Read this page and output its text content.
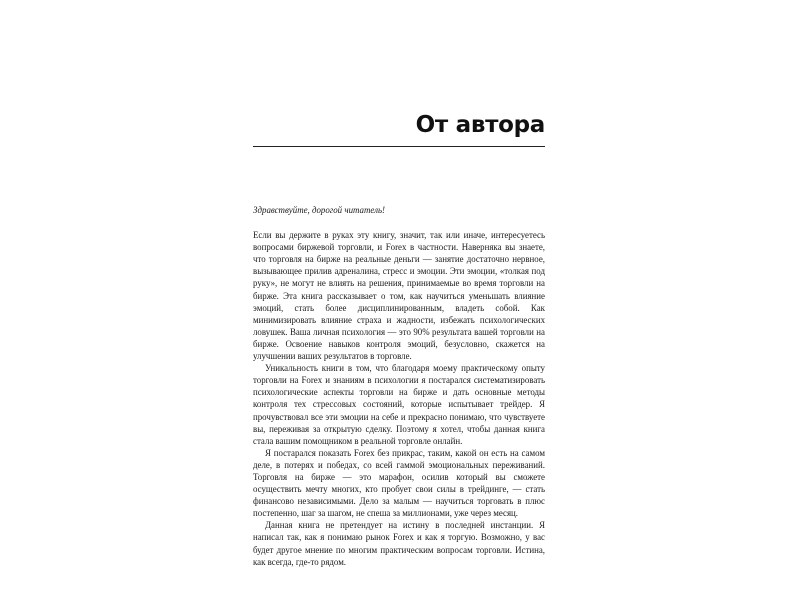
От автора

Здравствуйте, дорогой читатель!

Если вы держите в руках эту книгу, значит, так или иначе, интересуетесь вопросами биржевой торговли, и Forex в частности. Наверняка вы знаете, что торговля на бирже на реальные деньги — занятие достаточно нервное, вызывающее прилив адреналина, стресс и эмоции. Эти эмоции, «толкая под руку», не могут не влиять на решения, принимаемые во время торговли на бирже. Эта книга рассказывает о том, как научиться уменьшать влияние эмоций, стать более дисциплинированным, владеть собой. Как минимизировать влияние страха и жадности, избежать психологических ловушек. Ваша личная психология — это 90% результата вашей торговли на бирже. Освоение навыков контроля эмоций, безусловно, скажется на улучшении ваших результатов в торговле.

Уникальность книги в том, что благодаря моему практическому опыту торговли на Forex и знаниям в психологии я постарался систематизировать психологические аспекты торговли на бирже и дать основные методы контроля тех стрессовых состояний, которые испытывает трейдер. Я прочувствовал все эти эмоции на себе и прекрасно понимаю, что чувствуете вы, переживая за открытую сделку. Поэтому я хотел, чтобы данная книга стала вашим помощником в реальной торговле онлайн.

Я постарался показать Forex без прикрас, таким, какой он есть на самом деле, в потерях и победах, со всей гаммой эмоциональных переживаний. Торговля на бирже — это марафон, осилив который вы сможете осуществить мечту многих, кто пробует свои силы в трейдинге, — стать финансово независимыми. Дело за малым — научиться торговать в плюс постепенно, шаг за шагом, не спеша за миллионами, уже через месяц.

Данная книга не претендует на истину в последней инстанции. Я написал так, как я понимаю рынок Forex и как я торгую. Возможно, у вас будет другое мнение по многим практическим вопросам торговли. Истина, как всегда, где-то рядом.
